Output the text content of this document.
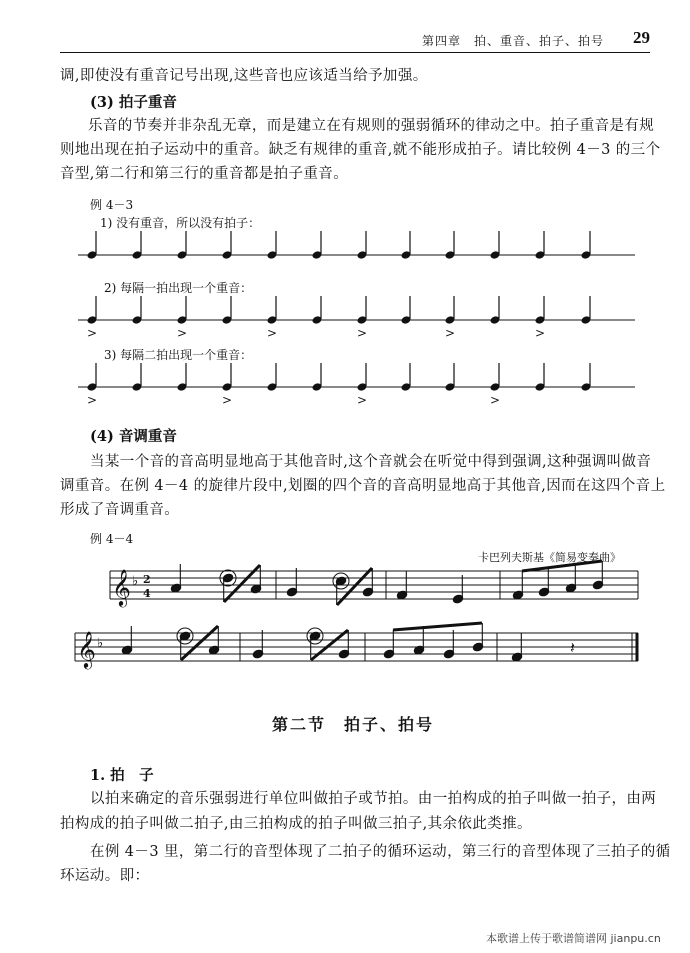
第四章　拍、重音、拍子、拍号 29
调,即使没有重音记号出现,这些音也应该适当给予加强。
(3) 拍子重音
乐音的节奏并非杂乱无章，而是建立在有规则的强弱循环的律动之中。拍子重音是有规
则地出现在拍子运动中的重音。缺乏有规律的重音,就不能形成拍子。请比较例 4－3 的三个
音型,第二行和第三行的重音都是拍子重音。
例 4－3
1) 没有重音，所以没有拍子：
2) 每隔一拍出现一个重音：
3) 每隔二拍出现一个重音：
>	>	>	>	>	>
>	>	>	>
(4) 音调重音
当某一个音的音高明显地高于其他音时,这个音就会在听觉中得到强调,这种强调叫做音
调重音。在例 4－4 的旋律片段中,划圈的四个音的音高明显地高于其他音,因而在这四个音上
形成了音调重音。
例 4－4
卡巴列夫斯基《简易变奏曲》
𝄞 ♭ 2
4
𝄞 ♭	𝄽
第二节　拍子、拍号
1. 拍　子
以拍来确定的音乐强弱进行单位叫做拍子或节拍。由一拍构成的拍子叫做一拍子，由两
拍构成的拍子叫做二拍子,由三拍构成的拍子叫做三拍子,其余依此类推。
在例 4－3 里，第二行的音型体现了二拍子的循环运动，第三行的音型体现了三拍子的循
环运动。即：
本歌谱上传于歌谱简谱网 jianpu.cn
